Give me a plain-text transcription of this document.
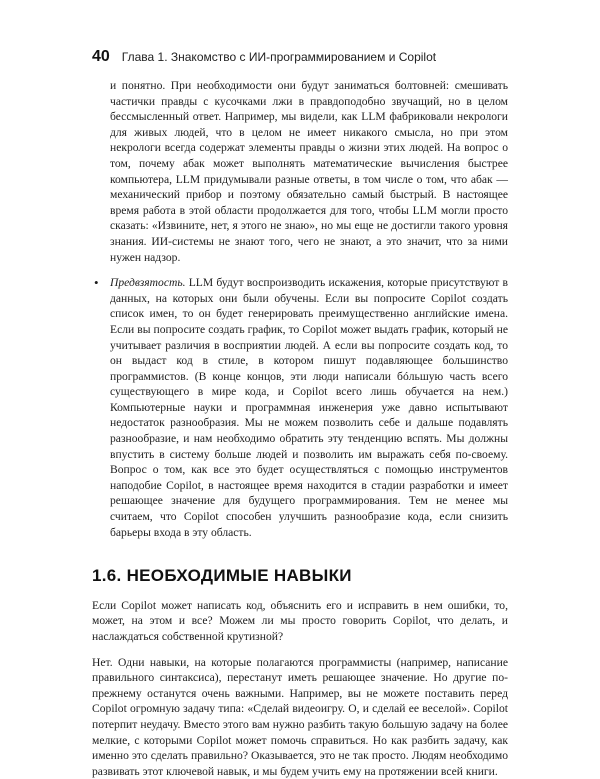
40 Глава 1. Знакомство с ИИ-программированием и Copilot

и понятно. При необходимости они будут заниматься болтовней: смешивать частички правды с кусочками лжи в правдоподобно звучащий, но в целом бессмысленный ответ. Например, мы видели, как LLM фабриковали некрологи для живых людей, что в целом не имеет никакого смысла, но при этом некрологи всегда содержат элементы правды о жизни этих людей. На вопрос о том, почему абак может выполнять математические вычисления быстрее компьютера, LLM придумывали разные ответы, в том числе о том, что абак — механический прибор и поэтому обязательно самый быстрый. В настоящее время работа в этой области продолжается для того, чтобы LLM могли просто сказать: «Извините, нет, я этого не знаю», но мы еще не достигли такого уровня знания. ИИ-системы не знают того, чего не знают, а это значит, что за ними нужен надзор.

• Предвзятость. LLM будут воспроизводить искажения, которые присутствуют в данных, на которых они были обучены. Если вы попросите Copilot создать список имен, то он будет генерировать преимущественно английские имена. Если вы попросите создать график, то Copilot может выдать график, который не учитывает различия в восприятии людей. А если вы попросите создать код, то он выдаст код в стиле, в котором пишут подавляющее большинство программистов. (В конце концов, эти люди написали бóльшую часть всего существующего в мире кода, и Copilot всего лишь обучается на нем.) Компьютерные науки и программная инженерия уже давно испытывают недостаток разнообразия. Мы не можем позволить себе и дальше подавлять разнообразие, и нам необходимо обратить эту тенденцию вспять. Мы должны впустить в систему больше людей и позволить им выражать себя по-своему. Вопрос о том, как все это будет осуществляться с помощью инструментов наподобие Copilot, в настоящее время находится в стадии разработки и имеет решающее значение для будущего программирования. Тем не менее мы считаем, что Copilot способен улучшить разнообразие кода, если снизить барьеры входа в эту область.
1.6. НЕОБХОДИМЫЕ НАВЫКИ

Если Copilot может написать код, объяснить его и исправить в нем ошибки, то, может, на этом и все? Можем ли мы просто говорить Copilot, что делать, и наслаждаться собственной крутизной?

Нет. Одни навыки, на которые полагаются программисты (например, написание правильного синтаксиса), перестанут иметь решающее значение. Но другие по-прежнему останутся очень важными. Например, вы не можете поставить перед Copilot огромную задачу типа: «Сделай видеоигру. О, и сделай ее веселой». Copilot потерпит неудачу. Вместо этого вам нужно разбить такую большую задачу на более мелкие, с которыми Copilot может помочь справиться. Но как разбить задачу, как именно это сделать правильно? Оказывается, это не так просто. Людям необходимо развивать этот ключевой навык, и мы будем учить ему на протяжении всей книги.
